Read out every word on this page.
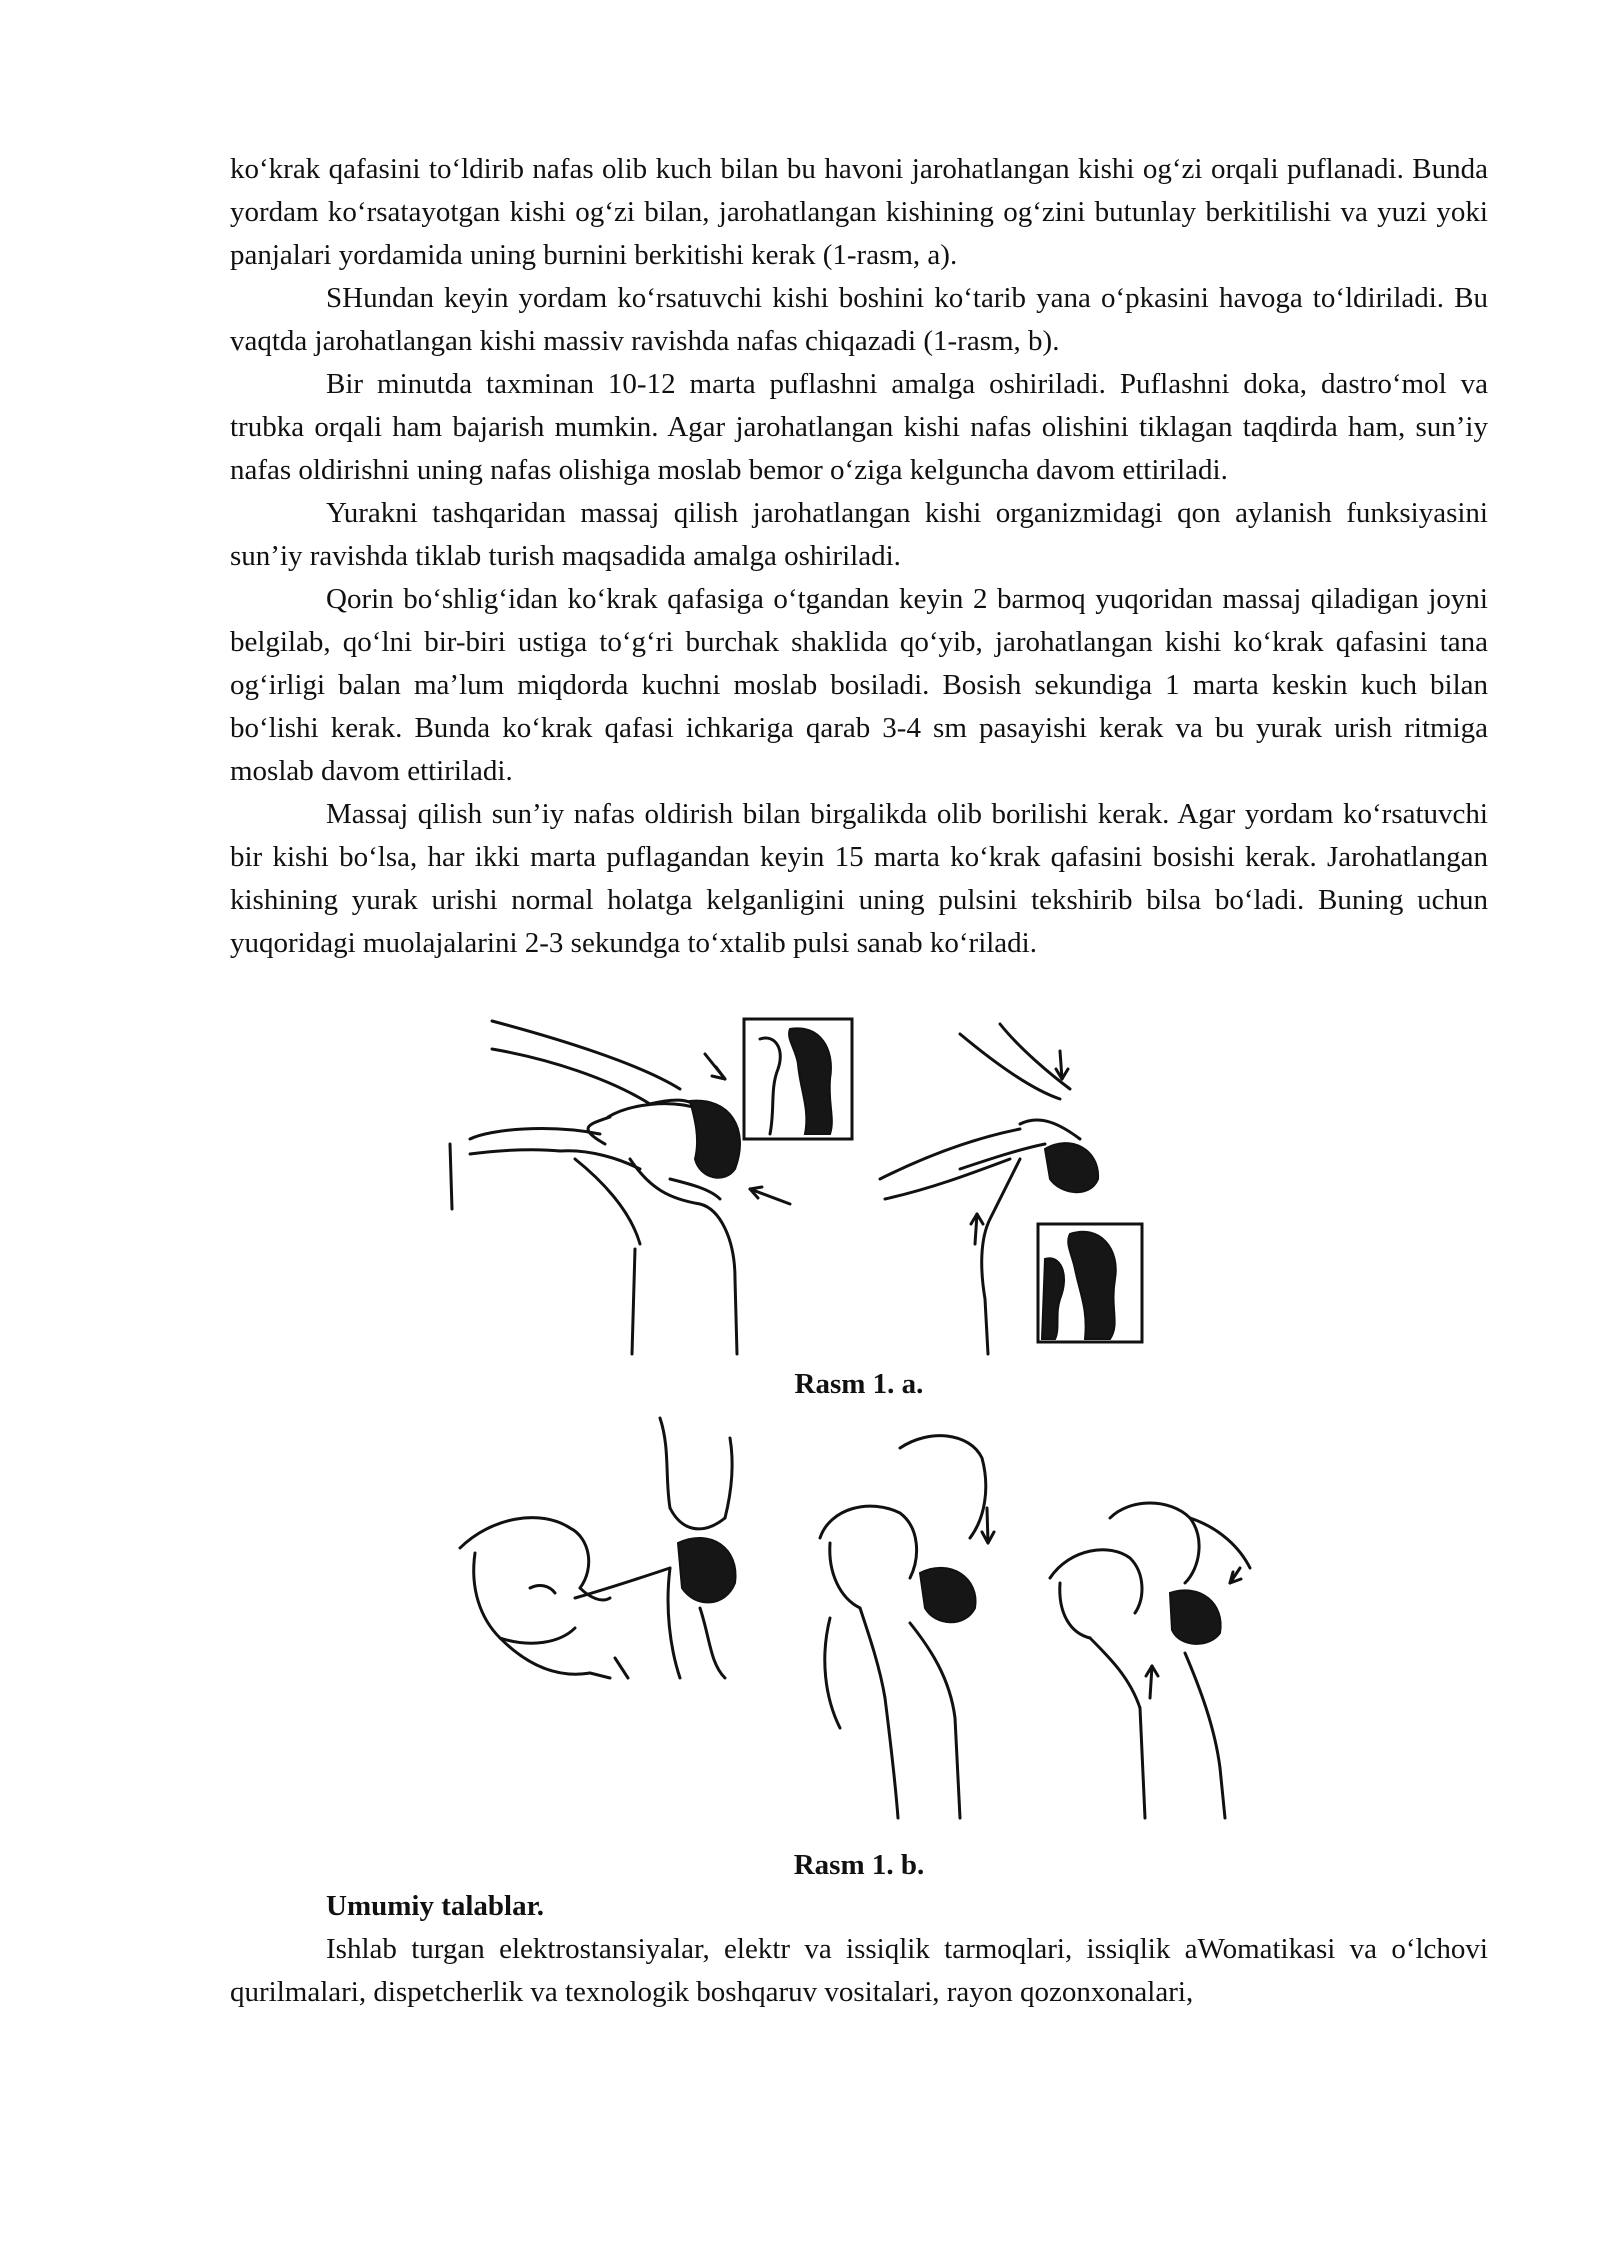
ko‘krak qafasini to‘ldirib nafas olib kuch bilan bu havoni jarohatlangan kishi og‘zi orqali puflanadi. Bunda yordam ko‘rsatayotgan kishi og‘zi bilan, jarohatlangan kishining og‘zini butunlay berkitilishi va yuzi yoki panjalari yordamida uning burnini berkitishi kerak (1-rasm, a).

SHundan keyin yordam ko‘rsatuvchi kishi boshini ko‘tarib yana o‘pkasini havoga to‘ldiriladi. Bu vaqtda jarohatlangan kishi massiv ravishda nafas chiqazadi (1-rasm, b).

Bir minutda taxminan 10-12 marta puflashni amalga oshiriladi. Puflashni doka, dastro‘mol va trubka orqali ham bajarish mumkin. Agar jarohatlangan kishi nafas olishini tiklagan taqdirda ham, sun’iy nafas oldirishni uning nafas olishiga moslab bemor o‘ziga kelguncha davom ettiriladi.

Yurakni tashqaridan massaj qilish jarohatlangan kishi organizmidagi qon aylanish funksiyasini sun’iy ravishda tiklab turish maqsadida amalga oshiriladi.

Qorin bo‘shlig‘idan ko‘krak qafasiga o‘tgandan keyin 2 barmoq yuqoridan massaj qiladigan joyni belgilab, qo‘lni bir-biri ustiga to‘g‘ri burchak shaklida qo‘yib, jarohatlangan kishi ko‘krak qafasini tana og‘irligi balan ma’lum miqdorda kuchni moslab bosiladi. Bosish sekundiga 1 marta keskin kuch bilan bo‘lishi kerak. Bunda ko‘krak qafasi ichkariga qarab 3-4 sm pasayishi kerak va bu yurak urish ritmiga moslab davom ettiriladi.

Massaj qilish sun’iy nafas oldirish bilan birgalikda olib borilishi kerak. Agar yordam ko‘rsatuvchi bir kishi bo‘lsa, har ikki marta puflagandan keyin 15 marta ko‘krak qafasini bosishi kerak. Jarohatlangan kishining yurak urishi normal holatga kelganligini uning pulsini tekshirib bilsa bo‘ladi. Buning uchun yuqoridagi muolajalarini 2-3 sekundga to‘xtalib pulsi sanab ko‘riladi.

Rasm 1. a.
Rasm 1. b.

Umumiy talablar.

Ishlab turgan elektrostansiyalar, elektr va issiqlik tarmoqlari, issiqlik aWomatikasi va o‘lchovi qurilmalari, dispetcherlik va texnologik boshqaruv vositalari, rayon qozonxonalari,
